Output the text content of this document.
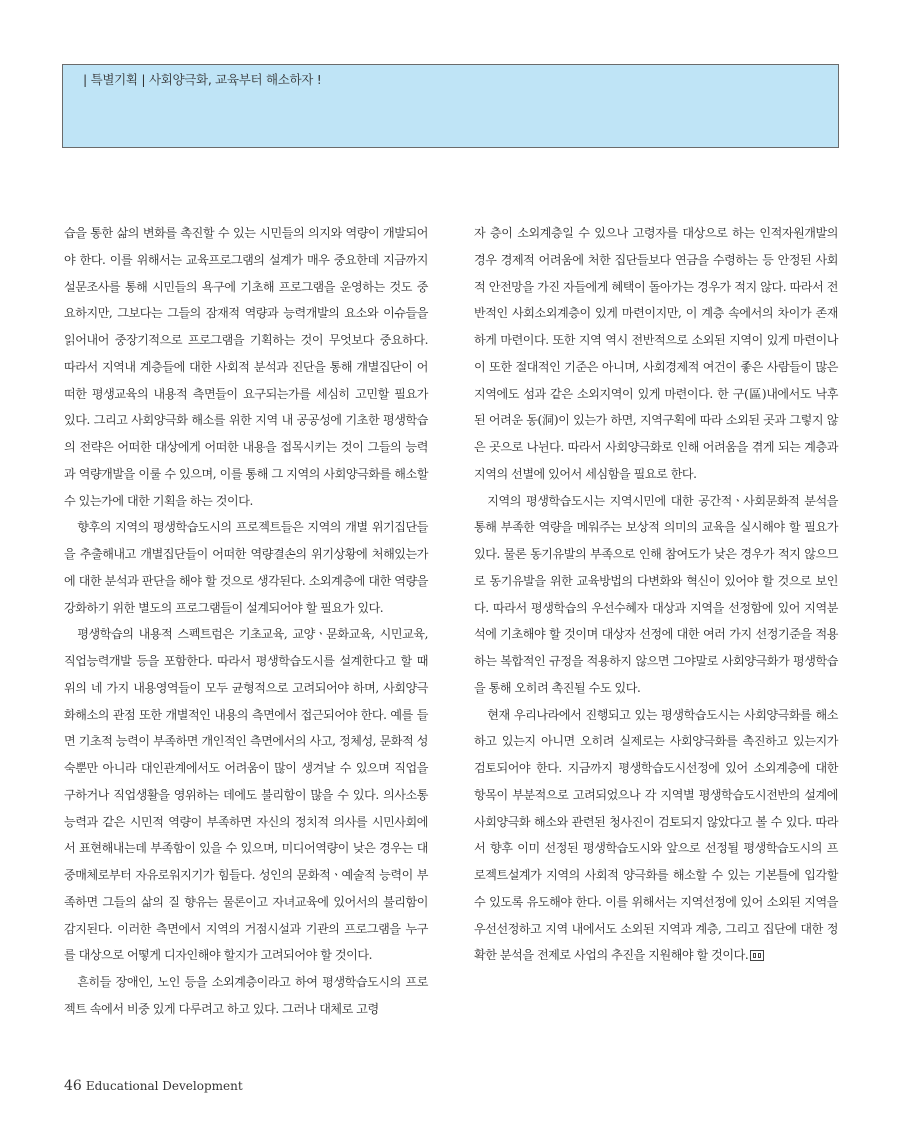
| 특별기획 | 사회양극화, 교육부터 해소하자 !

습을 통한 삶의 변화를 촉진할 수 있는 시민들의 의지와 역량이 개발되어야 한다. 이를 위해서는 교육프로그램의 설계가 매우 중요한데 지금까지 설문조사를 통해 시민들의 욕구에 기초해 프로그램을 운영하는 것도 중요하지만, 그보다는 그들의 잠재적 역량과 능력개발의 요소와 이슈들을 읽어내어 중장기적으로 프로그램을 기획하는 것이 무엇보다 중요하다. 따라서 지역내 계층들에 대한 사회적 분석과 진단을 통해 개별집단이 어떠한 평생교육의 내용적 측면들이 요구되는가를 세심히 고민할 필요가 있다. 그리고 사회양극화 해소를 위한 지역 내 공공성에 기초한 평생학습의 전략은 어떠한 대상에게 어떠한 내용을 접목시키는 것이 그들의 능력과 역량개발을 이룰 수 있으며, 이를 통해 그 지역의 사회양극화를 해소할 수 있는가에 대한 기획을 하는 것이다.

향후의 지역의 평생학습도시의 프로젝트들은 지역의 개별 위기집단들을 추출해내고 개별집단들이 어떠한 역량결손의 위기상황에 처해있는가에 대한 분석과 판단을 해야 할 것으로 생각된다. 소외계층에 대한 역량을 강화하기 위한 별도의 프로그램들이 설계되어야 할 필요가 있다.

평생학습의 내용적 스펙트럼은 기초교육, 교양ㆍ문화교육, 시민교육, 직업능력개발 등을 포함한다. 따라서 평생학습도시를 설계한다고 할 때 위의 네 가지 내용영역들이 모두 균형적으로 고려되어야 하며, 사회양극화해소의 관점 또한 개별적인 내용의 측면에서 접근되어야 한다. 예를 들면 기초적 능력이 부족하면 개인적인 측면에서의 사고, 정체성, 문화적 성숙뿐만 아니라 대인관계에서도 어려움이 많이 생겨날 수 있으며 직업을 구하거나 직업생활을 영위하는 데에도 불리함이 많을 수 있다. 의사소통 능력과 같은 시민적 역량이 부족하면 자신의 정치적 의사를 시민사회에서 표현해내는데 부족함이 있을 수 있으며, 미디어역량이 낮은 경우는 대중매체로부터 자유로워지기가 힘들다. 성인의 문화적ㆍ예술적 능력이 부족하면 그들의 삶의 질 향유는 물론이고 자녀교육에 있어서의 불리함이 감지된다. 이러한 측면에서 지역의 거점시설과 기관의 프로그램을 누구를 대상으로 어떻게 디자인해야 할지가 고려되어야 할 것이다.

흔히들 장애인, 노인 등을 소외계층이라고 하여 평생학습도시의 프로젝트 속에서 비중 있게 다루려고 하고 있다. 그러나 대체로 고령

자 층이 소외계층일 수 있으나 고령자를 대상으로 하는 인적자원개발의 경우 경제적 어려움에 처한 집단들보다 연금을 수령하는 등 안정된 사회적 안전망을 가진 자들에게 혜택이 돌아가는 경우가 적지 않다. 따라서 전반적인 사회소외계층이 있게 마련이지만, 이 계층 속에서의 차이가 존재하게 마련이다. 또한 지역 역시 전반적으로 소외된 지역이 있게 마련이나 이 또한 절대적인 기준은 아니며, 사회경제적 여건이 좋은 사람들이 많은 지역에도 섬과 같은 소외지역이 있게 마련이다. 한 구(區)내에서도 낙후된 어려운 동(洞)이 있는가 하면, 지역구획에 따라 소외된 곳과 그렇지 않은 곳으로 나뉜다. 따라서 사회양극화로 인해 어려움을 겪게 되는 계층과 지역의 선별에 있어서 세심함을 필요로 한다.

지역의 평생학습도시는 지역시민에 대한 공간적ㆍ사회문화적 분석을 통해 부족한 역량을 메워주는 보상적 의미의 교육을 실시해야 할 필요가 있다. 물론 동기유발의 부족으로 인해 참여도가 낮은 경우가 적지 않으므로 동기유발을 위한 교육방법의 다변화와 혁신이 있어야 할 것으로 보인다. 따라서 평생학습의 우선수혜자 대상과 지역을 선정함에 있어 지역분석에 기초해야 할 것이며 대상자 선정에 대한 여러 가지 선정기준을 적용하는 복합적인 규정을 적용하지 않으면 그야말로 사회양극화가 평생학습을 통해 오히려 촉진될 수도 있다.

현재 우리나라에서 진행되고 있는 평생학습도시는 사회양극화를 해소하고 있는지 아니면 오히려 실제로는 사회양극화를 촉진하고 있는지가 검토되어야 한다. 지금까지 평생학습도시선정에 있어 소외계층에 대한 항목이 부분적으로 고려되었으나 각 지역별 평생학습도시전반의 설계에 사회양극화 해소와 관련된 청사진이 검토되지 않았다고 볼 수 있다. 따라서 향후 이미 선정된 평생학습도시와 앞으로 선정될 평생학습도시의 프로젝트설계가 지역의 사회적 양극화를 해소할 수 있는 기본틀에 입각할 수 있도록 유도해야 한다. 이를 위해서는 지역선정에 있어 소외된 지역을 우선선정하고 지역 내에서도 소외된 지역과 계층, 그리고 집단에 대한 정확한 분석을 전제로 사업의 추진을 지원해야 할 것이다.

46 Educational Development
